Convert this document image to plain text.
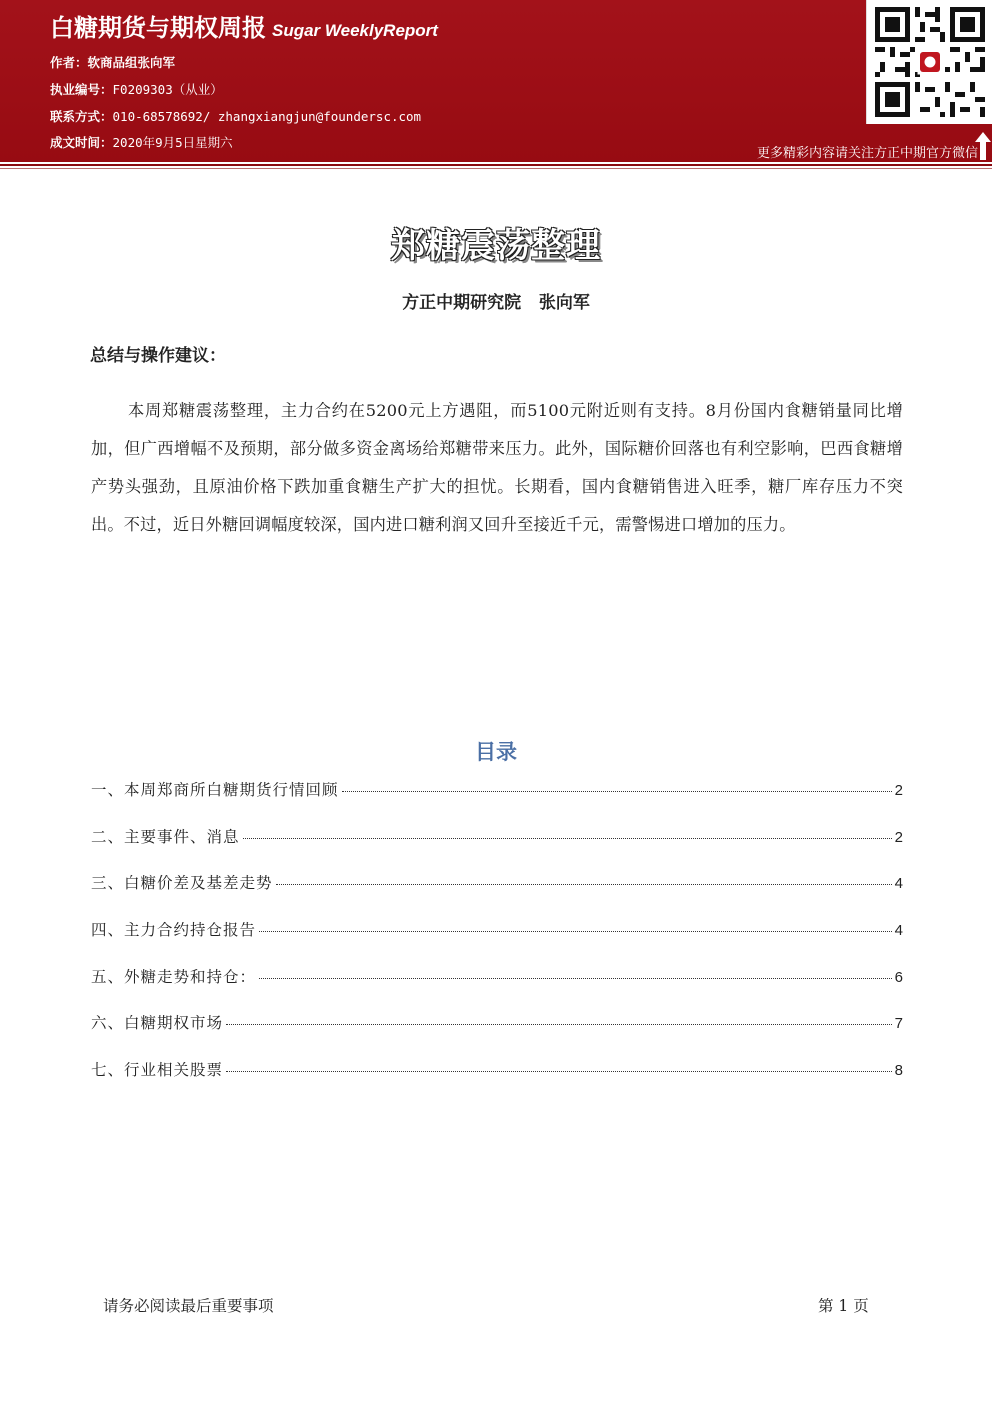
白糖期货与期权周报 Sugar WeeklyReport
作者：软商品组张向军
执业编号：F0209303（从业）
联系方式：010-68578692/ zhangxiangjun@foundersc.com
成文时间：2020年9月5日星期六
更多精彩内容请关注方正中期官方微信
郑糖震荡整理
方正中期研究院   张向军
总结与操作建议：
本周郑糖震荡整理，主力合约在5200元上方遇阻，而5100元附近则有支持。8月份国内食糖销量同比增加，但广西增幅不及预期，部分做多资金离场给郑糖带来压力。此外，国际糖价回落也有利空影响，巴西食糖增产势头强劲，且原油价格下跌加重食糖生产扩大的担忧。长期看，国内食糖销售进入旺季，糖厂库存压力不突出。不过，近日外糖回调幅度较深，国内进口糖利润又回升至接近千元，需警惕进口增加的压力。
目录
一、本周郑商所白糖期货行情回顾	2
二、主要事件、消息	2
三、白糖价差及基差走势	4
四、主力合约持仓报告	4
五、外糖走势和持仓：	6
六、白糖期权市场	7
七、行业相关股票	8
请务必阅读最后重要事项	第 1 页
